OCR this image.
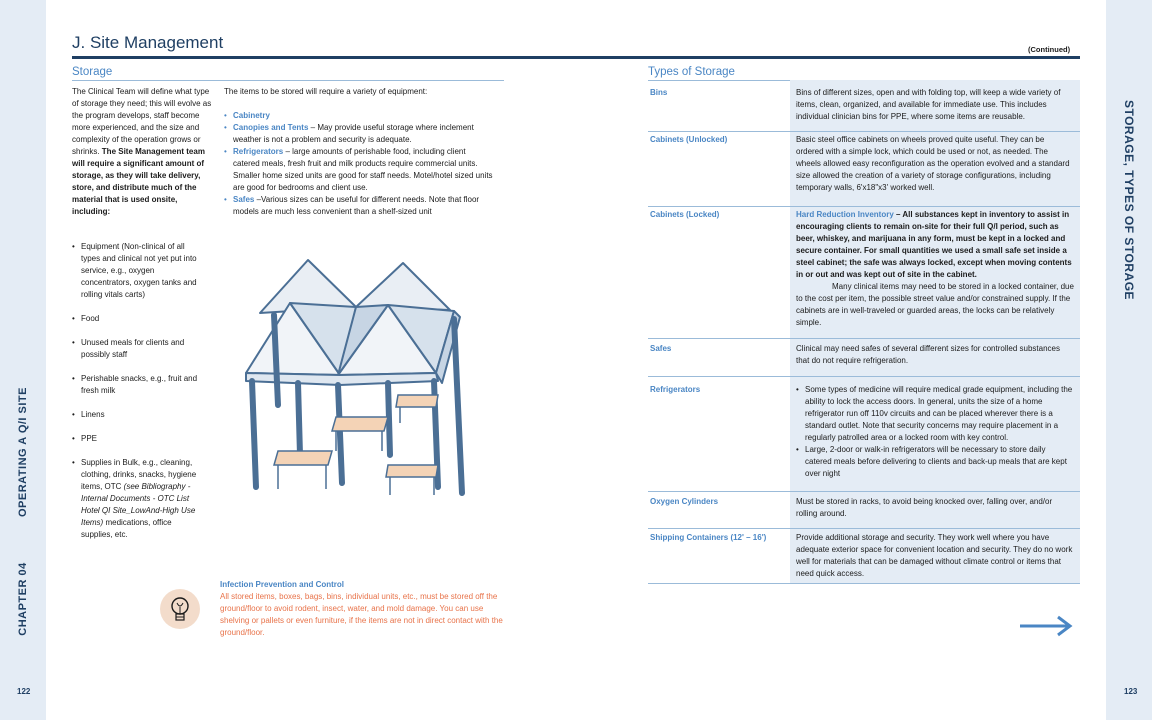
CHAPTER 04
OPERATING A Q/I SITE
STORAGE, TYPES OF STORAGE
122	123
J. Site Management	(Continued)
Storage
The Clinical Team will define what type of storage they need; this will evolve as the program develops, staff become more experienced, and the size and complexity of the operation grows or shrinks. The Site Management team will require a significant amount of storage, as they will take delivery, store, and distribute much of the material that is used onsite, including:
The items to be stored will require a variety of equipment:
• Cabinetry
• Canopies and Tents – May provide useful storage where inclement weather is not a problem and security is adequate.
• Refrigerators – large amounts of perishable food, including client catered meals, fresh fruit and milk products require commercial units. Smaller home sized units are good for staff needs. Motel/hotel sized units are good for bedrooms and client use.
• Safes –Various sizes can be useful for different needs. Note that floor models are much less convenient than a shelf-sized unit
• Equipment (Non-clinical of all types and clinical not yet put into service, e.g., oxygen concentrators, oxygen tanks and rolling vitals carts)
• Food
• Unused meals for clients and possibly staff
• Perishable snacks, e.g., fruit and fresh milk
• Linens
• PPE
• Supplies in Bulk, e.g., cleaning, clothing, drinks, snacks, hygiene items, OTC (see Bibliography - Internal Documents - OTC List Hotel QI Site_LowAnd-High Use Items) medications, office supplies, etc.
Infection Prevention and Control
All stored items, boxes, bags, bins, individual units, etc., must be stored off the ground/floor to avoid rodent, insect, water, and mold damage. You can use shelving or pallets or even furniture, if the items are not in direct contact with the ground/floor.
Types of Storage
Bins	Bins of different sizes, open and with folding top, will keep a wide variety of items, clean, organized, and available for immediate use. This includes individual clinician bins for PPE, where some items are reusable.
Cabinets (Unlocked)	Basic steel office cabinets on wheels proved quite useful. They can be ordered with a simple lock, which could be used or not, as needed. The wheels allowed easy reconfiguration as the operation evolved and a standard size allowed the creation of a variety of storage configurations, including temporary walls, 6'x18"x3' worked well.
Cabinets (Locked)	Hard Reduction Inventory – All substances kept in inventory to assist in encouraging clients to remain on-site for their full Q/I period, such as beer, whiskey, and marijuana in any form, must be kept in a locked and secure container. For small quantities we used a small safe set inside a steel cabinet; the safe was always locked, except when moving contents in or out and was kept out of site in the cabinet.
Many clinical items may need to be stored in a locked container, due to the cost per item, the possible street value and/or constrained supply. If the cabinets are in well-traveled or guarded areas, the locks can be relatively simple.
Safes	Clinical may need safes of several different sizes for controlled substances that do not require refrigeration.
Refrigerators
•	Some types of medicine will require medical grade equipment, including the ability to lock the access doors. In general, units the size of a home refrigerator run off 110v circuits and can be placed wherever there is a standard outlet. Note that security concerns may require placement in a regularly patrolled area or a locked room with key control.
• Large, 2-door or walk-in refrigerators will be necessary to store daily catered meals before delivering to clients and back-up meals that are kept over night
Oxygen Cylinders	Must be stored in racks, to avoid being knocked over, falling over, and/or rolling around.
Shipping Containers (12' – 16')	Provide additional storage and security. They work well where you have adequate exterior space for convenient location and security. They do no work well for materials that can be damaged without climate control or items that need quick access.
